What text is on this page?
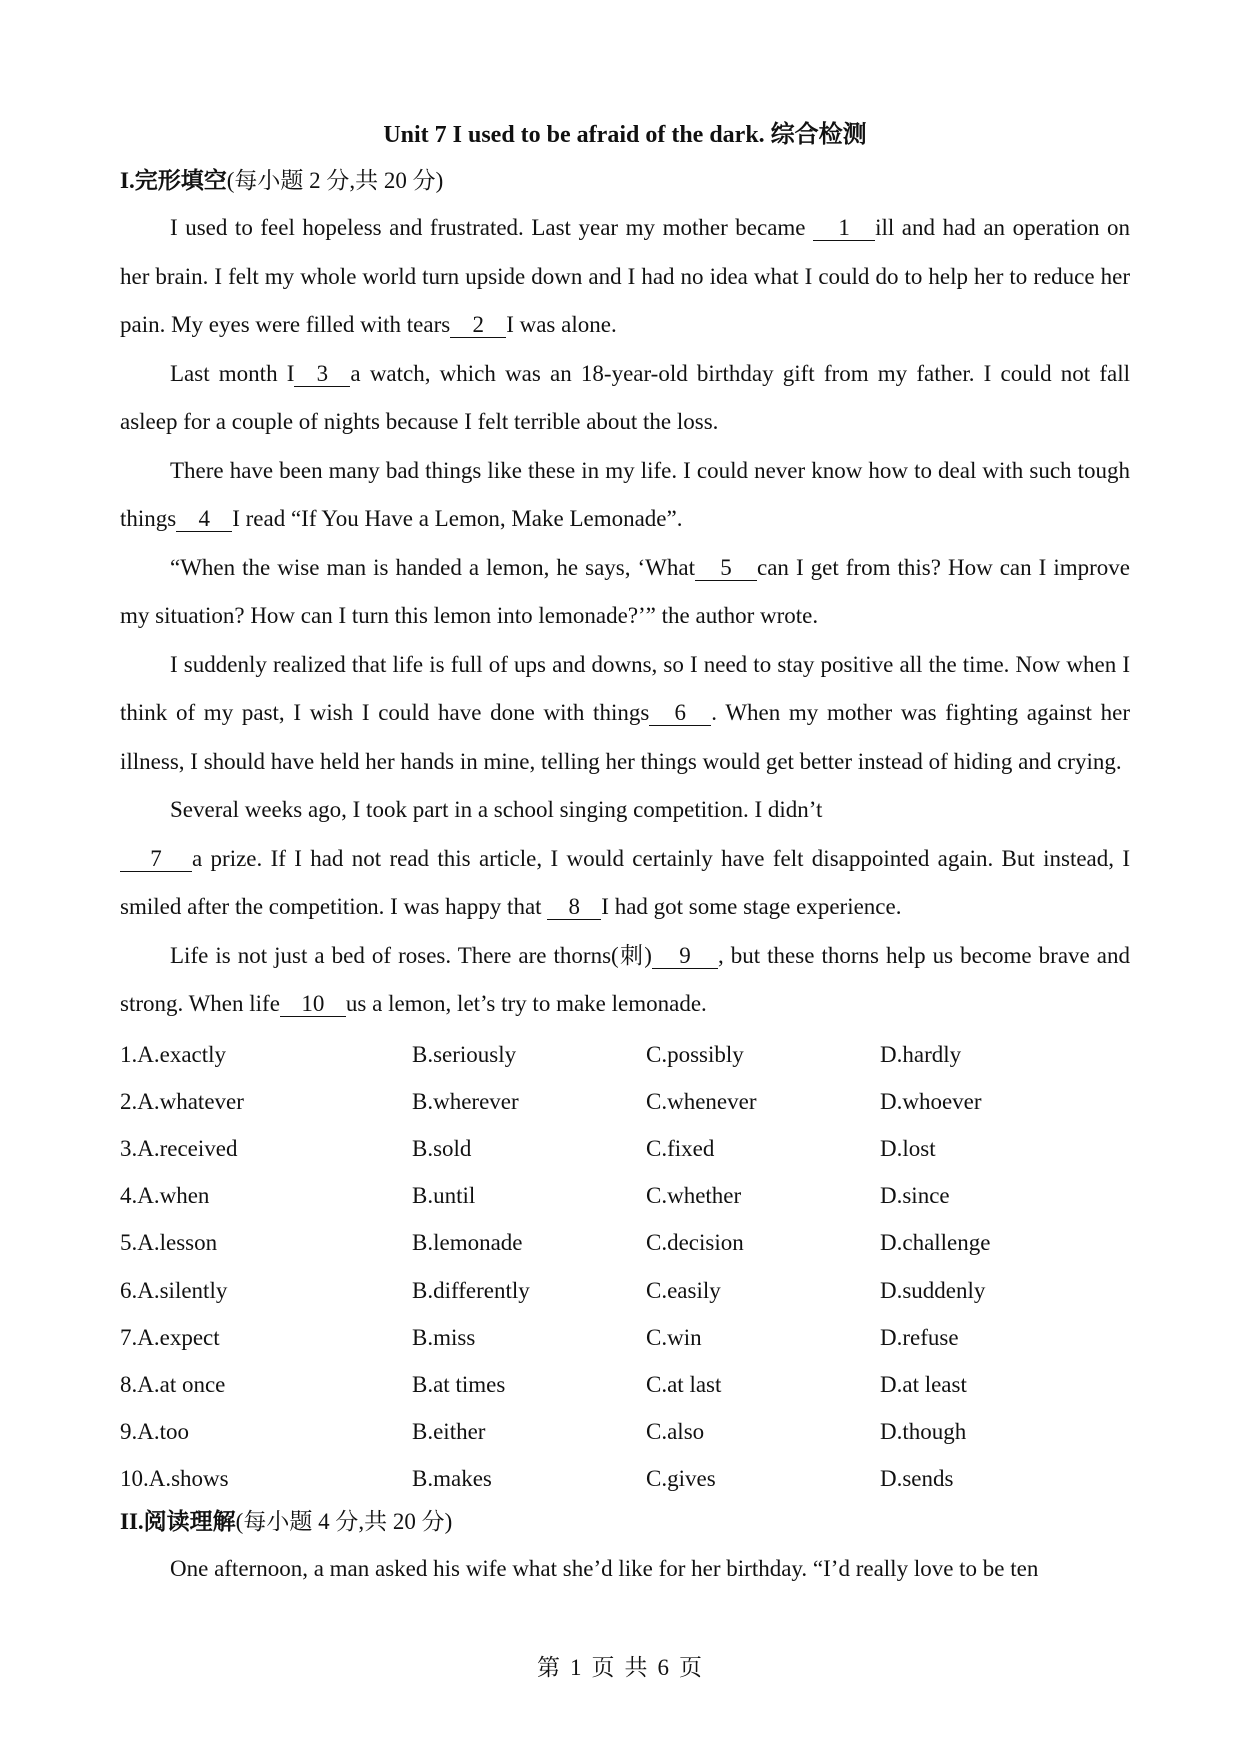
Unit 7 I used to be afraid of the dark. 综合检测
I.完形填空(每小题 2 分,共 20 分)
I used to feel hopeless and frustrated. Last year my mother became 1 ill and had an operation on her brain. I felt my whole world turn upside down and I had no idea what I could do to help her to reduce her pain. My eyes were filled with tears 2 I was alone.
Last month I 3 a watch, which was an 18-year-old birthday gift from my father. I could not fall asleep for a couple of nights because I felt terrible about the loss.
There have been many bad things like these in my life. I could never know how to deal with such tough things 4 I read “If You Have a Lemon, Make Lemonade”.
“When the wise man is handed a lemon, he says, ‘What 5 can I get from this? How can I improve my situation? How can I turn this lemon into lemonade?’” the author wrote.
I suddenly realized that life is full of ups and downs, so I need to stay positive all the time. Now when I think of my past, I wish I could have done with things 6 . When my mother was fighting against her illness, I should have held her hands in mine, telling her things would get better instead of hiding and crying.
Several weeks ago, I took part in a school singing competition. I didn’t
7 a prize. If I had not read this article, I would certainly have felt disappointed again. But instead, I smiled after the competition. I was happy that 8 I had got some stage experience.
Life is not just a bed of roses. There are thorns(刺) 9 , but these thorns help us become brave and strong. When life 10 us a lemon, let’s try to make lemonade.
1.A.exactly	B.seriously	C.possibly	D.hardly
2.A.whatever	B.wherever	C.whenever	D.whoever
3.A.received	B.sold	C.fixed	D.lost
4.A.when	B.until	C.whether	D.since
5.A.lesson	B.lemonade	C.decision	D.challenge
6.A.silently	B.differently	C.easily	D.suddenly
7.A.expect	B.miss	C.win	D.refuse
8.A.at once	B.at times	C.at last	D.at least
9.A.too	B.either	C.also	D.though
10.A.shows	B.makes	C.gives	D.sends
II.阅读理解(每小题 4 分,共 20 分)
One afternoon, a man asked his wife what she’d like for her birthday. “I’d really love to be ten
第 1 页 共 6 页
